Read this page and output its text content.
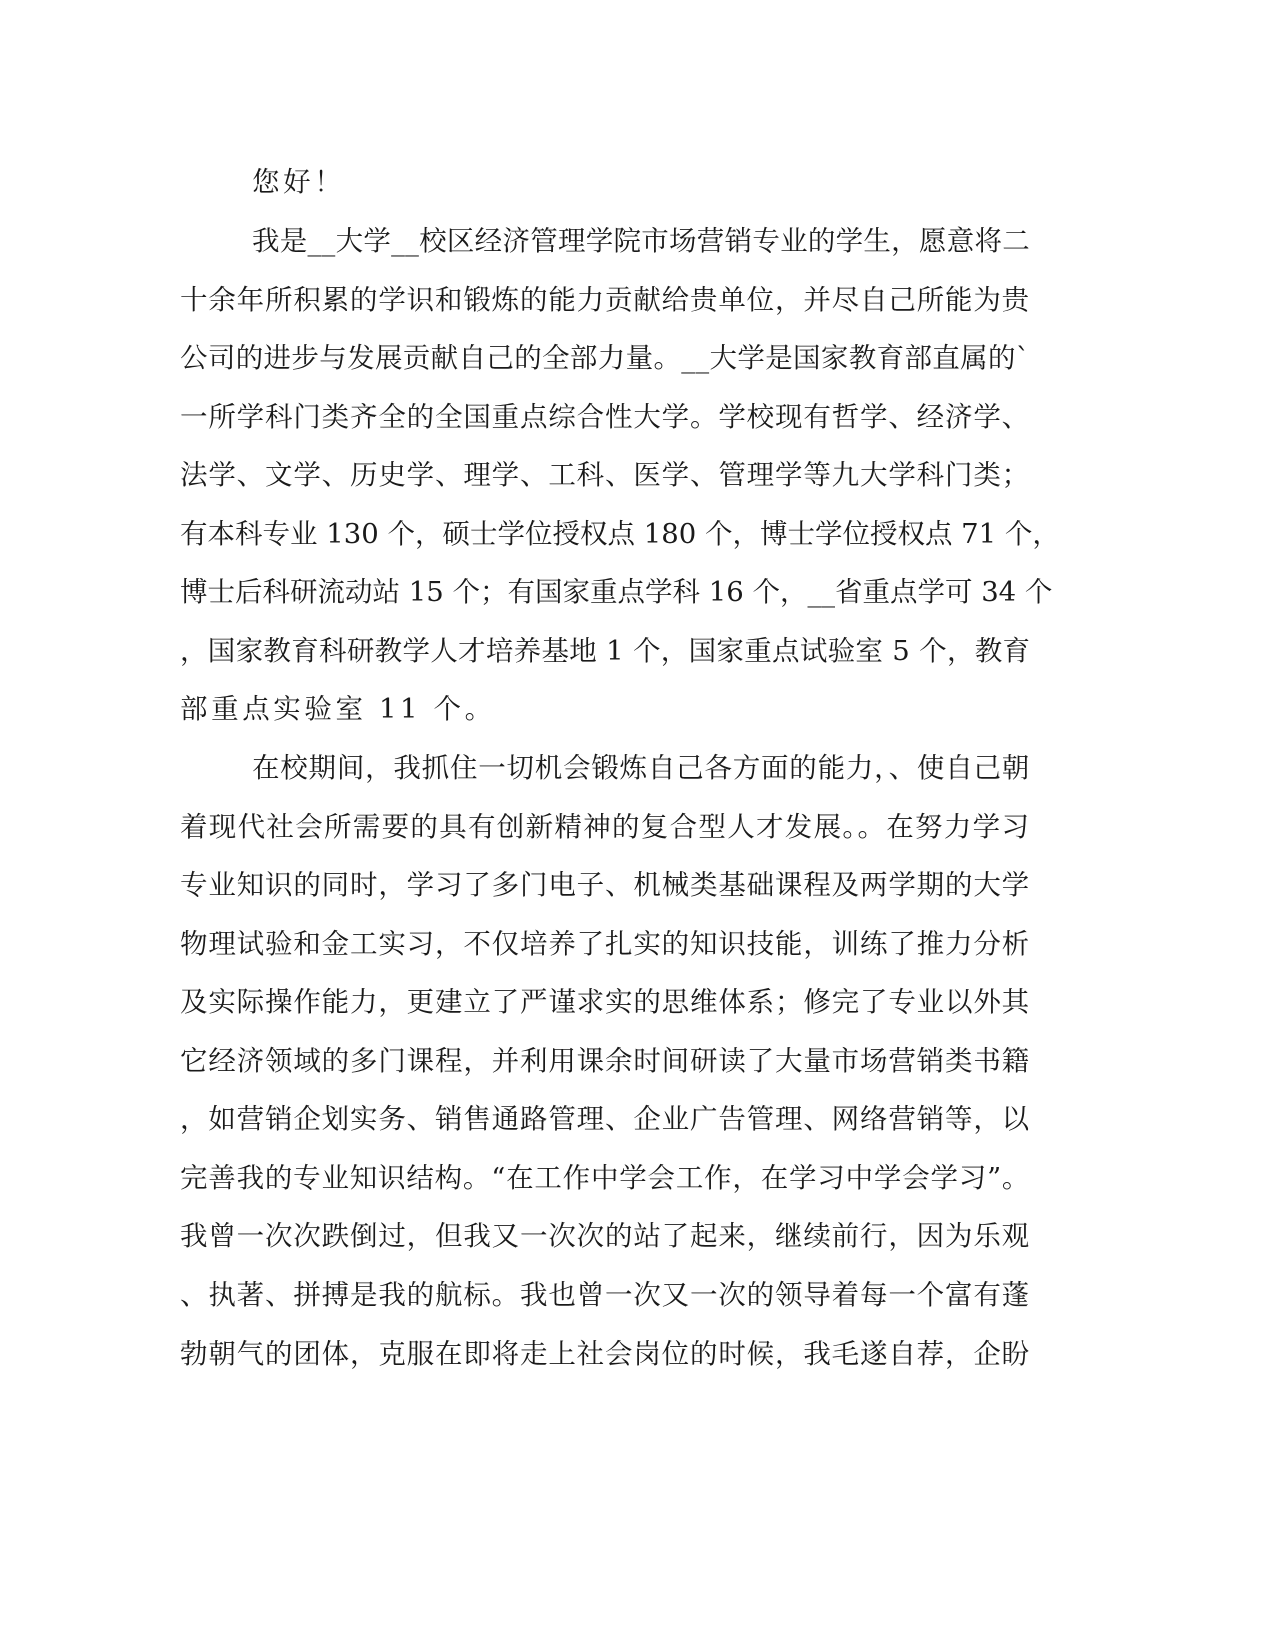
您好！
我是__大学__校区经济管理学院市场营销专业的学生，愿意将二
十余年所积累的学识和锻炼的能力贡献给贵单位，并尽自己所能为贵
公司的进步与发展贡献自己的全部力量。__大学是国家教育部直属的`
一所学科门类齐全的全国重点综合性大学。学校现有哲学、经济学、
法学、文学、历史学、理学、工科、医学、管理学等九大学科门类；
有本科专业 130 个，硕士学位授权点 180 个，博士学位授权点 71 个，
博士后科研流动站 15 个；有国家重点学科 16 个，__省重点学可 34 个
，国家教育科研教学人才培养基地 1 个，国家重点试验室 5 个，教育
部重点实验室 11 个。
在校期间，我抓住一切机会锻炼自己各方面的能力，、使自己朝
着现代社会所需要的具有创新精神的复合型人才发展。。在努力学习
专业知识的同时，学习了多门电子、机械类基础课程及两学期的大学
物理试验和金工实习，不仅培养了扎实的知识技能，训练了推力分析
及实际操作能力，更建立了严谨求实的思维体系；修完了专业以外其
它经济领域的多门课程，并利用课余时间研读了大量市场营销类书籍
，如营销企划实务、销售通路管理、企业广告管理、网络营销等，以
完善我的专业知识结构。“在工作中学会工作，在学习中学会学习”。
我曾一次次跌倒过，但我又一次次的站了起来，继续前行，因为乐观
、执著、拼搏是我的航标。我也曾一次又一次的领导着每一个富有蓬
勃朝气的团体，克服在即将走上社会岗位的时候，我毛遂自荐，企盼
